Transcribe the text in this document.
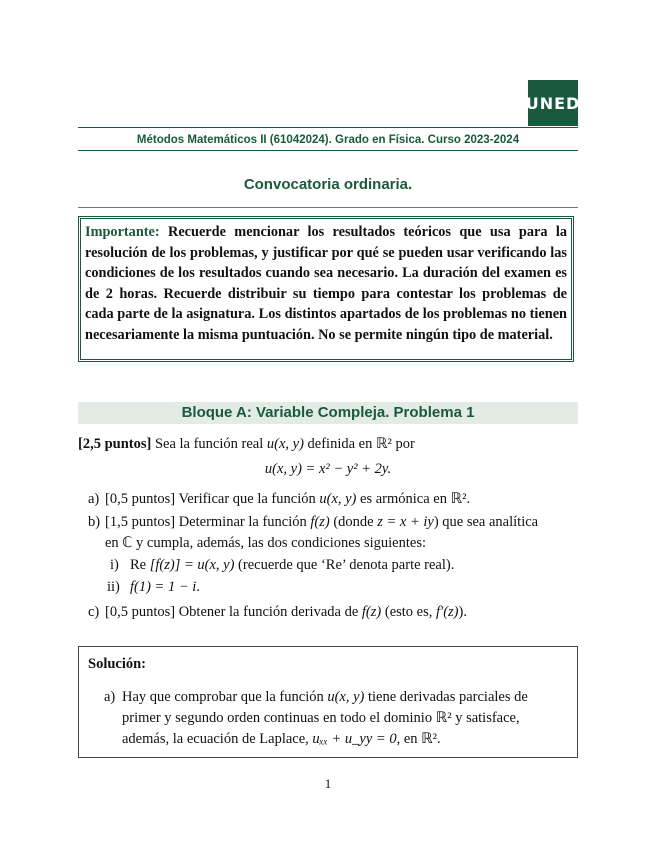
UNED
Métodos Matemáticos II (61042024). Grado en Física. Curso 2023-2024
Convocatoria ordinaria.

Importante: Recuerde mencionar los resultados teóricos que usa para la resolución de los problemas, y justificar por qué se pueden usar verificando las condiciones de los resultados cuando sea necesario. La duración del examen es de 2 horas. Recuerde distribuir su tiempo para contestar los problemas de cada parte de la asignatura. Los distintos apartados de los problemas no tienen necesariamente la misma puntuación. No se permite ningún tipo de material.

Bloque A: Variable Compleja. Problema 1
[2,5 puntos] Sea la función real u(x, y) definida en ℝ² por
u(x, y) = x² − y² + 2y.
a) [0,5 puntos] Verificar que la función u(x, y) es armónica en ℝ².
b) [1,5 puntos] Determinar la función f(z) (donde z = x + iy) que sea analítica
en ℂ y cumpla, además, las dos condiciones siguientes:
i) Re [f(z)] = u(x, y) (recuerde que ‘Re’ denota parte real).
ii) f(1) = 1 − i.
c) [0,5 puntos] Obtener la función derivada de f(z) (esto es, f′(z)).
Solución:
a) Hay que comprobar que la función u(x, y) tiene derivadas parciales de
primer y segundo orden continuas en todo el dominio ℝ² y satisface,
además, la ecuación de Laplace, uₓₓ + u_yy = 0, en ℝ².
1
